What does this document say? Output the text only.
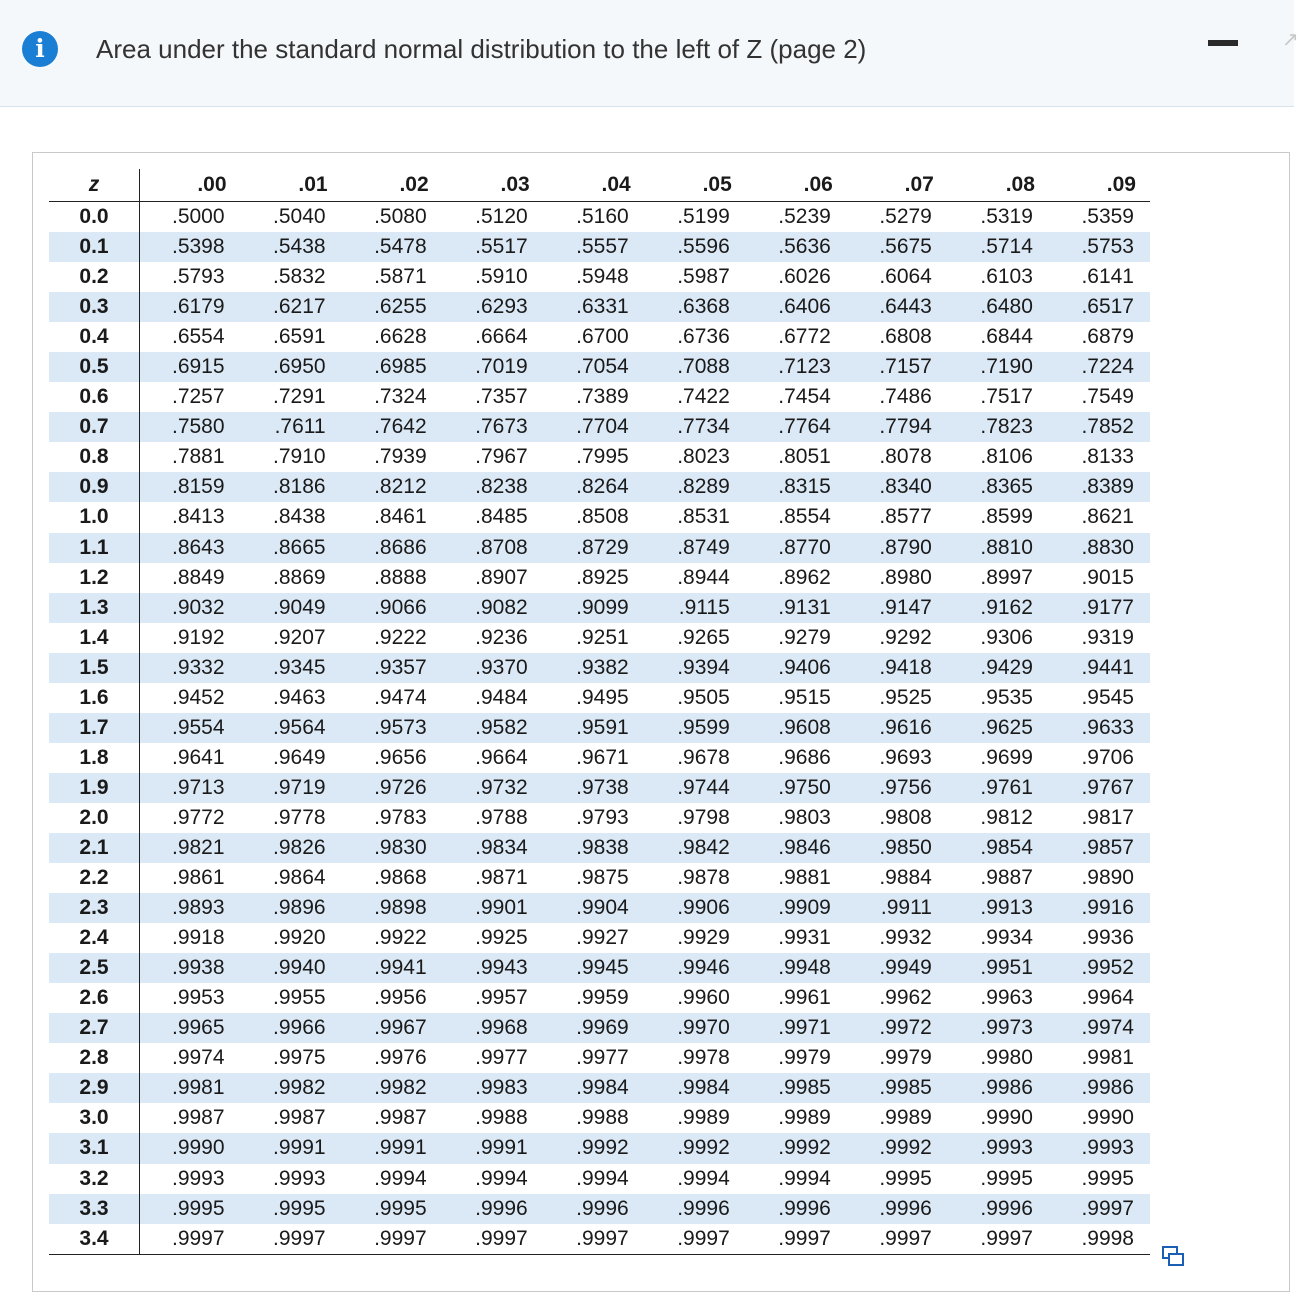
i	Area under the standard normal distribution to the left of Z (page 2)	↗
z	.00	.01	.02	.03	.04	.05	.06	.07	.08	.09
0.0	.5000	.5040	.5080	.5120	.5160	.5199	.5239	.5279	.5319	.5359
0.1	.5398	.5438	.5478	.5517	.5557	.5596	.5636	.5675	.5714	.5753
0.2	.5793	.5832	.5871	.5910	.5948	.5987	.6026	.6064	.6103	.6141
0.3	.6179	.6217	.6255	.6293	.6331	.6368	.6406	.6443	.6480	.6517
0.4	.6554	.6591	.6628	.6664	.6700	.6736	.6772	.6808	.6844	.6879
0.5	.6915	.6950	.6985	.7019	.7054	.7088	.7123	.7157	.7190	.7224
0.6	.7257	.7291	.7324	.7357	.7389	.7422	.7454	.7486	.7517	.7549
0.7	.7580	.7611	.7642	.7673	.7704	.7734	.7764	.7794	.7823	.7852
0.8	.7881	.7910	.7939	.7967	.7995	.8023	.8051	.8078	.8106	.8133
0.9	.8159	.8186	.8212	.8238	.8264	.8289	.8315	.8340	.8365	.8389
1.0	.8413	.8438	.8461	.8485	.8508	.8531	.8554	.8577	.8599	.8621
1.1	.8643	.8665	.8686	.8708	.8729	.8749	.8770	.8790	.8810	.8830
1.2	.8849	.8869	.8888	.8907	.8925	.8944	.8962	.8980	.8997	.9015
1.3	.9032	.9049	.9066	.9082	.9099	.9115	.9131	.9147	.9162	.9177
1.4	.9192	.9207	.9222	.9236	.9251	.9265	.9279	.9292	.9306	.9319
1.5	.9332	.9345	.9357	.9370	.9382	.9394	.9406	.9418	.9429	.9441
1.6	.9452	.9463	.9474	.9484	.9495	.9505	.9515	.9525	.9535	.9545
1.7	.9554	.9564	.9573	.9582	.9591	.9599	.9608	.9616	.9625	.9633
1.8	.9641	.9649	.9656	.9664	.9671	.9678	.9686	.9693	.9699	.9706
1.9	.9713	.9719	.9726	.9732	.9738	.9744	.9750	.9756	.9761	.9767
2.0	.9772	.9778	.9783	.9788	.9793	.9798	.9803	.9808	.9812	.9817
2.1	.9821	.9826	.9830	.9834	.9838	.9842	.9846	.9850	.9854	.9857
2.2	.9861	.9864	.9868	.9871	.9875	.9878	.9881	.9884	.9887	.9890
2.3	.9893	.9896	.9898	.9901	.9904	.9906	.9909	.9911	.9913	.9916
2.4	.9918	.9920	.9922	.9925	.9927	.9929	.9931	.9932	.9934	.9936
2.5	.9938	.9940	.9941	.9943	.9945	.9946	.9948	.9949	.9951	.9952
2.6	.9953	.9955	.9956	.9957	.9959	.9960	.9961	.9962	.9963	.9964
2.7	.9965	.9966	.9967	.9968	.9969	.9970	.9971	.9972	.9973	.9974
2.8	.9974	.9975	.9976	.9977	.9977	.9978	.9979	.9979	.9980	.9981
2.9	.9981	.9982	.9982	.9983	.9984	.9984	.9985	.9985	.9986	.9986
3.0	.9987	.9987	.9987	.9988	.9988	.9989	.9989	.9989	.9990	.9990
3.1	.9990	.9991	.9991	.9991	.9992	.9992	.9992	.9992	.9993	.9993
3.2	.9993	.9993	.9994	.9994	.9994	.9994	.9994	.9995	.9995	.9995
3.3	.9995	.9995	.9995	.9996	.9996	.9996	.9996	.9996	.9996	.9997
3.4	.9997	.9997	.9997	.9997	.9997	.9997	.9997	.9997	.9997	.9998
